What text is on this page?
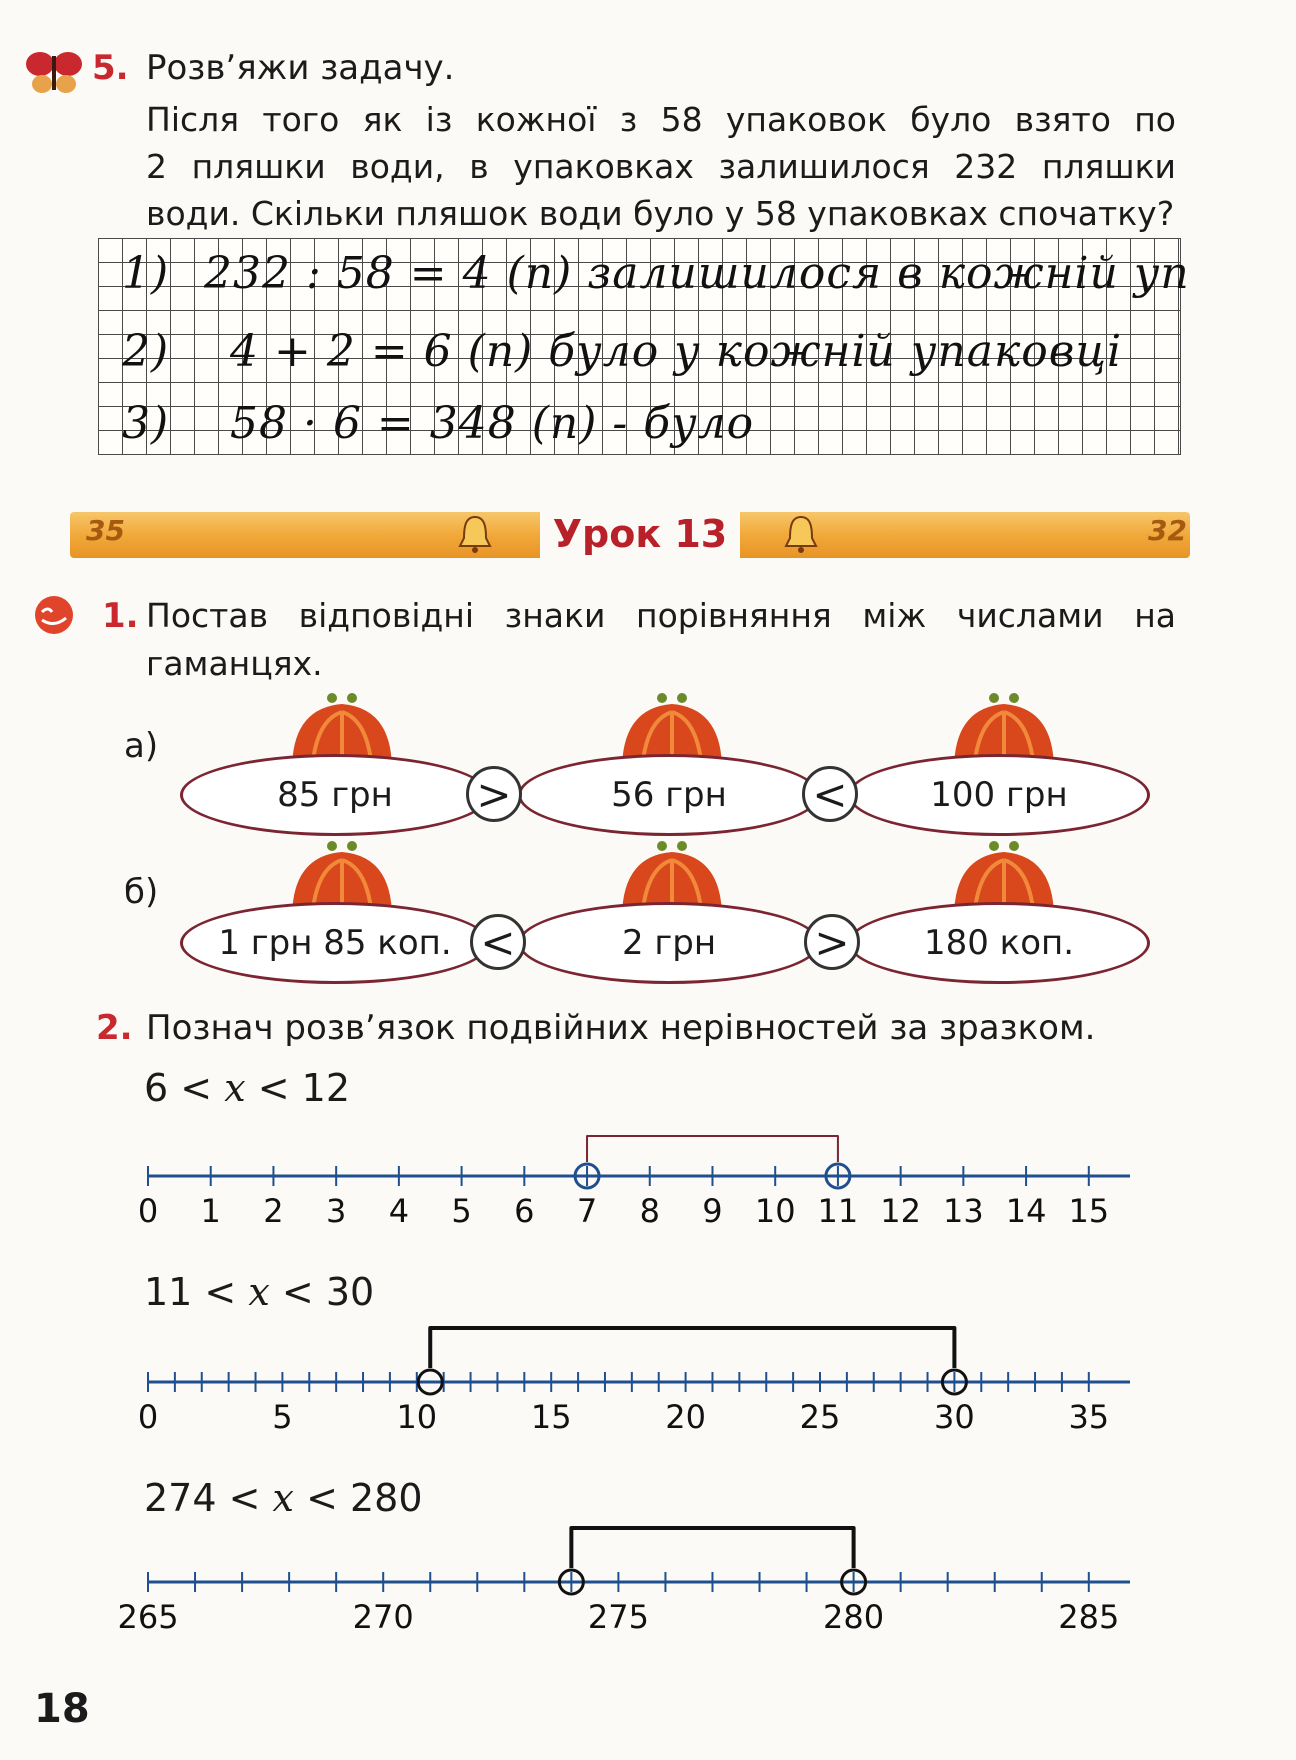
5. Розв’яжи задачу.
Після того як із кожної з 58 упаковок було взято по
2 пляшки води, в упаковках залишилося 232 пляшки
води. Скільки пляшок води було у 58 упаковках спочатку?
1) 232 : 58 = 4 (п) залишилося в кожній уп
2) 4 + 2 = 6 (п) було у кожній упаковці
3) 58 · 6 = 348 (п) - було
35	32
Урок 13
1. Постав відповідні знаки порівняння між числами на
гаманцях.
а)
85 грн	56 грн	100 грн
>	<
б)
1 грн 85 коп.	2 грн	180 коп.
<	>
2. Познач розв’язок подвійних нерівностей за зразком.
6 < x < 12
0 1 2 3 4 5 6 7 8 9 10 11 12 13 14 15
11 < x < 30
0	5	10	15	20	25	30	35
274 < x < 280
265	270	275	280	285
18
